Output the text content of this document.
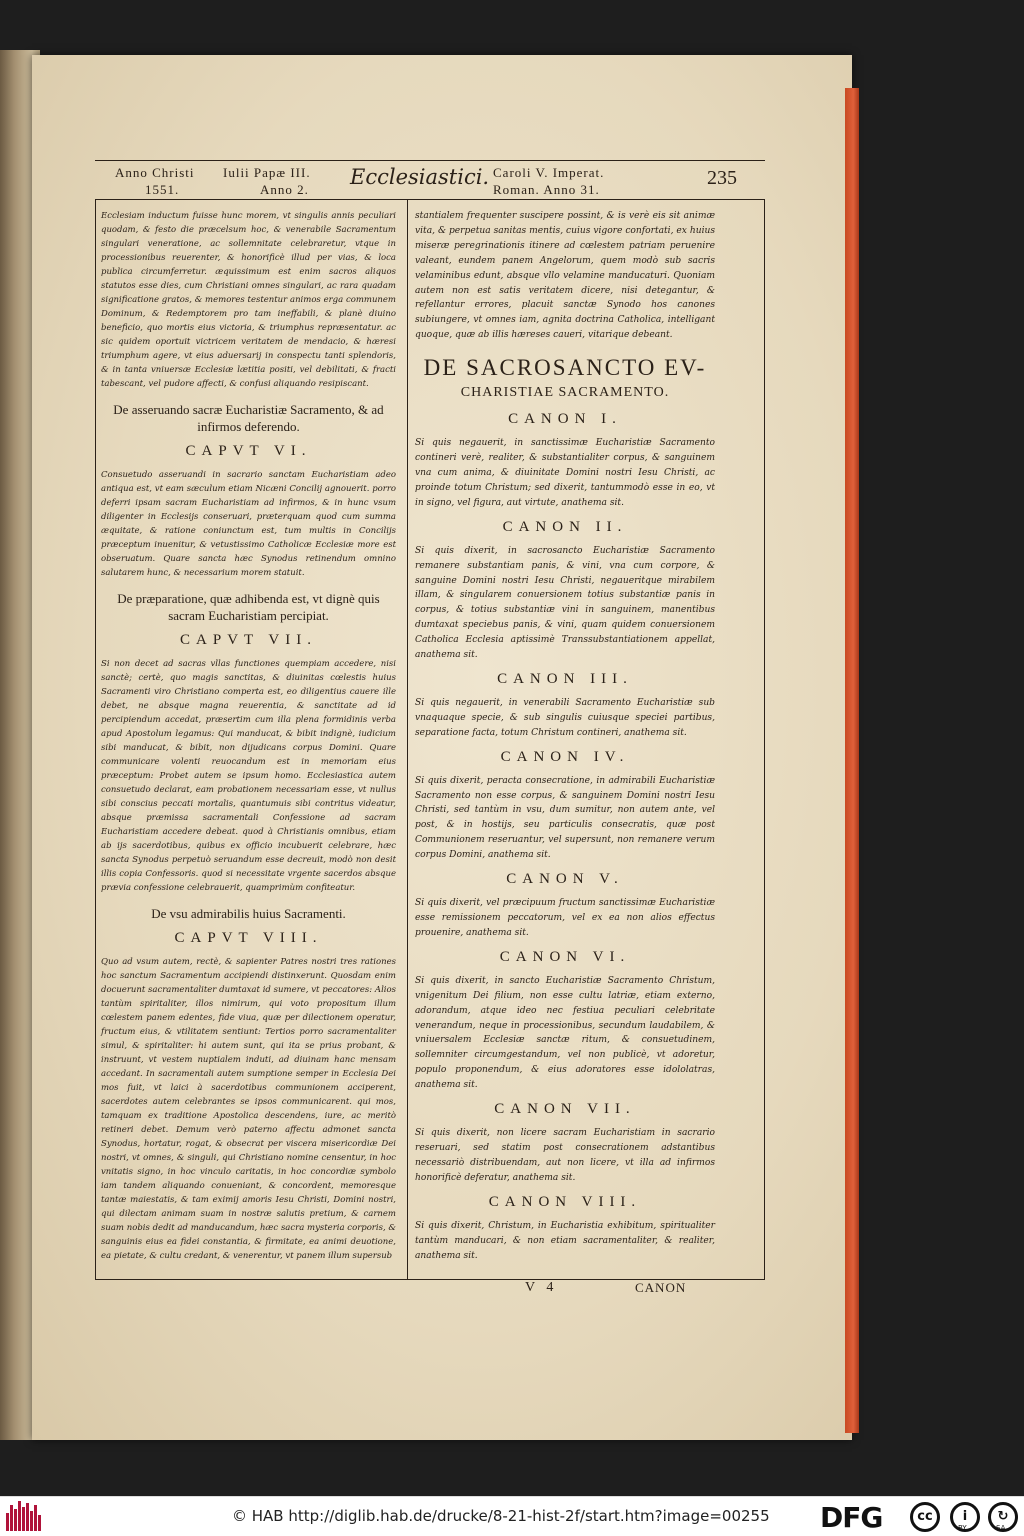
Anno Christi Iulii Papæ III.
1551.	Anno 2.
Ecclesiastici. Caroli V. Imperat.
Roman. Anno 31.
235
Ecclesiam inductum fuisse hunc morem, vt singulis annis peculiari quodam, & festo die præcelsum hoc, & venerabile Sacramentum singulari veneratione, ac sollemnitate celebraretur, vtque in processionibus reuerenter, & honorificè illud per vias, & loca publica circumferretur. æquissimum est enim sacros aliquos statutos esse dies, cum Christiani omnes singulari, ac rara quadam significatione gratos, & memores testentur animos erga communem Dominum, & Redemptorem pro tam ineffabili, & planè diuino beneficio, quo mortis eius victoria, & triumphus repræsentatur. ac sic quidem oportuit victricem veritatem de mendacio, & hæresi triumphum agere, vt eius aduersarij in conspectu tanti splendoris, & in tanta vniuersæ Ecclesiæ lætitia positi, vel debilitati, & fracti tabescant, vel pudore affecti, & confusi aliquando resipiscant.
De asseruando sacræ Eucharistiæ Sacramento, & ad infirmos deferendo.
CAPVT VI.
Consuetudo asseruandi in sacrario sanctam Eucharistiam adeo antiqua est, vt eam sæculum etiam Nicæni Concilij agnouerit. porro deferri ipsam sacram Eucharistiam ad infirmos, & in hunc vsum diligenter in Ecclesijs conseruari, præterquam quod cum summa æquitate, & ratione coniunctum est, tum multis in Concilijs præceptum inuenitur, & vetustissimo Catholicæ Ecclesiæ more est obseruatum. Quare sancta hæc Synodus retinendum omnino salutarem hunc, & necessarium morem statuit.
De præparatione, quæ adhibenda est, vt dignè quis sacram Eucharistiam percipiat.
CAPVT VII.
Si non decet ad sacras vllas functiones quempiam accedere, nisi sanctè; certè, quo magis sanctitas, & diuinitas cœlestis huius Sacramenti viro Christiano comperta est, eo diligentius cauere ille debet, ne absque magna reuerentia, & sanctitate ad id percipiendum accedat, præsertim cum illa plena formidinis verba apud Apostolum legamus: Qui manducat, & bibit indignè, iudicium sibi manducat, & bibit, non dijudicans corpus Domini. Quare communicare volenti reuocandum est in memoriam eius præceptum: Probet autem se ipsum homo. Ecclesiastica autem consuetudo declarat, eam probationem necessariam esse, vt nullus sibi conscius peccati mortalis, quantumuis sibi contritus videatur, absque præmissa sacramentali Confessione ad sacram Eucharistiam accedere debeat. quod à Christianis omnibus, etiam ab ijs sacerdotibus, quibus ex officio incubuerit celebrare, hæc sancta Synodus perpetuò seruandum esse decreuit, modò non desit illis copia Confessoris. quod si necessitate vrgente sacerdos absque prævia confessione celebrauerit, quamprimùm confiteatur.
De vsu admirabilis huius Sacramenti.
CAPVT VIII.
Quo ad vsum autem, rectè, & sapienter Patres nostri tres rationes hoc sanctum Sacramentum accipiendi distinxerunt. Quosdam enim docuerunt sacramentaliter dumtaxat id sumere, vt peccatores: Alios tantùm spiritaliter, illos nimirum, qui voto propositum illum cœlestem panem edentes, fide viua, quæ per dilectionem operatur, fructum eius, & vtilitatem sentiunt: Tertios porro sacramentaliter simul, & spiritaliter: hi autem sunt, qui ita se prius probant, & instruunt, vt vestem nuptialem induti, ad diuinam hanc mensam accedant. In sacramentali autem sumptione semper in Ecclesia Dei mos fuit, vt laici à sacerdotibus communionem acciperent, sacerdotes autem celebrantes se ipsos communicarent. qui mos, tamquam ex traditione Apostolica descendens, iure, ac meritò retineri debet. Demum verò paterno affectu admonet sancta Synodus, hortatur, rogat, & obsecrat per viscera misericordiæ Dei nostri, vt omnes, & singuli, qui Christiano nomine censentur, in hoc vnitatis signo, in hoc vinculo caritatis, in hoc concordiæ symbolo iam tandem aliquando conueniant, & concordent, memoresque tantæ maiestatis, & tam eximij amoris Iesu Christi, Domini nostri, qui dilectam animam suam in nostræ salutis pretium, & carnem suam nobis dedit ad manducandum, hæc sacra mysteria corporis, & sanguinis eius ea fidei constantia, & firmitate, ea animi deuotione, ea pietate, & cultu credant, & venerentur, vt panem illum supersub
stantialem frequenter suscipere possint, & is verè eis sit animæ vita, & perpetua sanitas mentis, cuius vigore confortati, ex huius miseræ peregrinationis itinere ad cœlestem patriam peruenire valeant, eundem panem Angelorum, quem modò sub sacris velaminibus edunt, absque vllo velamine manducaturi. Quoniam autem non est satis veritatem dicere, nisi detegantur, & refellantur errores, placuit sanctæ Synodo hos canones subiungere, vt omnes iam, agnita doctrina Catholica, intelligant quoque, quæ ab illis hæreses caueri, vitarique debeant.
DE SACROSANCTO EV-
CHARISTIAE SACRAMENTO.
CANON I.
Si quis negauerit, in sanctissimæ Eucharistiæ Sacramento contineri verè, realiter, & substantialiter corpus, & sanguinem vna cum anima, & diuinitate Domini nostri Iesu Christi, ac proinde totum Christum; sed dixerit, tantummodò esse in eo, vt in signo, vel figura, aut virtute, anathema sit.
CANON II.
Si quis dixerit, in sacrosancto Eucharistiæ Sacramento remanere substantiam panis, & vini, vna cum corpore, & sanguine Domini nostri Iesu Christi, negaueritque mirabilem illam, & singularem conuersionem totius substantiæ panis in corpus, & totius substantiæ vini in sanguinem, manentibus dumtaxat speciebus panis, & vini, quam quidem conuersionem Catholica Ecclesia aptissimè Transsubstantiationem appellat, anathema sit.
CANON III.
Si quis negauerit, in venerabili Sacramento Eucharistiæ sub vnaquaque specie, & sub singulis cuiusque speciei partibus, separatione facta, totum Christum contineri, anathema sit.
CANON IV.
Si quis dixerit, peracta consecratione, in admirabili Eucharistiæ Sacramento non esse corpus, & sanguinem Domini nostri Iesu Christi, sed tantùm in vsu, dum sumitur, non autem ante, vel post, & in hostijs, seu particulis consecratis, quæ post Communionem reseruantur, vel supersunt, non remanere verum corpus Domini, anathema sit.
CANON V.
Si quis dixerit, vel præcipuum fructum sanctissimæ Eucharistiæ esse remissionem peccatorum, vel ex ea non alios effectus prouenire, anathema sit.
CANON VI.
Si quis dixerit, in sancto Eucharistiæ Sacramento Christum, vnigenitum Dei filium, non esse cultu latriæ, etiam externo, adorandum, atque ideo nec festiua peculiari celebritate venerandum, neque in processionibus, secundum laudabilem, & vniuersalem Ecclesiæ sanctæ ritum, & consuetudinem, sollemniter circumgestandum, vel non publicè, vt adoretur, populo proponendum, & eius adoratores esse idololatras, anathema sit.
CANON VII.
Si quis dixerit, non licere sacram Eucharistiam in sacrario reseruari, sed statim post consecrationem adstantibus necessariò distribuendam, aut non licere, vt illa ad infirmos honorificè deferatur, anathema sit.
CANON VIII.
Si quis dixerit, Christum, in Eucharistia exhibitum, spiritualiter tantùm manducari, & non etiam sacramentaliter, & realiter, anathema sit.
V 4	CANON
© HAB http://diglib.hab.de/drucke/8-21-hist-2f/start.htm?image=00255 DFG	cc	i	↻
BY	SA
